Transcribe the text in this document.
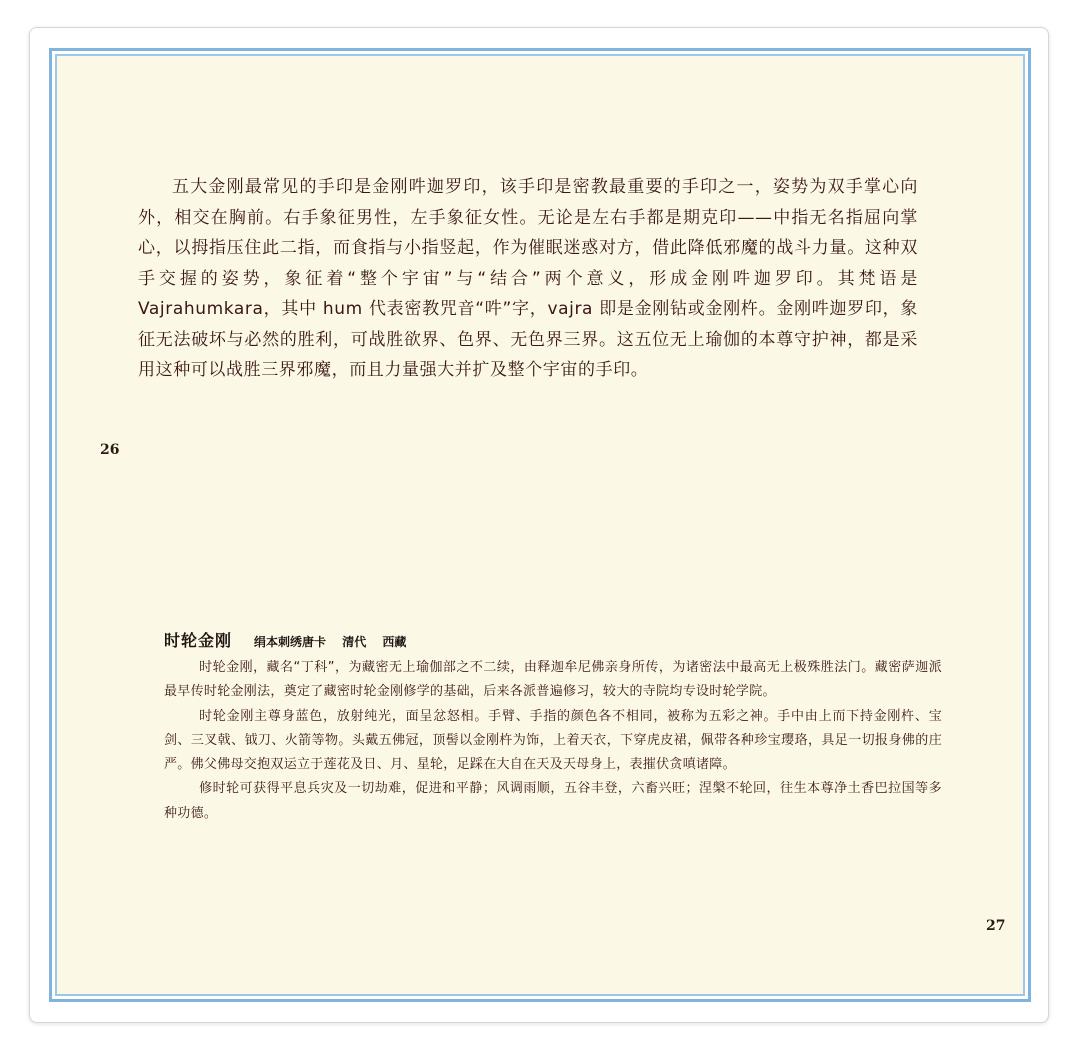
五大金刚最常见的手印是金刚吽迦罗印，该手印是密教最重要的手印之一，姿势为双手掌心向外，相交在胸前。右手象征男性，左手象征女性。无论是左右手都是期克印——中指无名指屈向掌心，以拇指压住此二指，而食指与小指竖起，作为催眠迷惑对方，借此降低邪魔的战斗力量。这种双手交握的姿势，象征着“整个宇宙”与“结合”两个意义，形成金刚吽迦罗印。其梵语是 Vajrahumkara，其中 hum 代表密教咒音“吽”字，vajra 即是金刚钻或金刚杵。金刚吽迦罗印，象征无法破坏与必然的胜利，可战胜欲界、色界、无色界三界。这五位无上瑜伽的本尊守护神，都是采用这种可以战胜三界邪魔，而且力量强大并扩及整个宇宙的手印。

26
时轮金刚 绢本刺绣唐卡　 清代　 西藏

时轮金刚，藏名“丁科”，为藏密无上瑜伽部之不二续，由释迦牟尼佛亲身所传，为诸密法中最高无上极殊胜法门。藏密萨迦派最早传时轮金刚法，奠定了藏密时轮金刚修学的基础，后来各派普遍修习，较大的寺院均专设时轮学院。

时轮金刚主尊身蓝色，放射纯光，面呈忿怒相。手臂、手指的颜色各不相同，被称为五彩之神。手中由上而下持金刚杵、宝剑、三叉戟、钺刀、火箭等物。头戴五佛冠，顶髻以金刚杵为饰，上着天衣，下穿虎皮裙，佩带各种珍宝璎珞，具足一切报身佛的庄严。佛父佛母交抱双运立于莲花及日、月、星轮，足踩在大自在天及天母身上，表摧伏贪嗔诸障。

修时轮可获得平息兵灾及一切劫难，促进和平静；风调雨顺，五谷丰登，六畜兴旺；涅槃不轮回，往生本尊净土香巴拉国等多种功德。

27
